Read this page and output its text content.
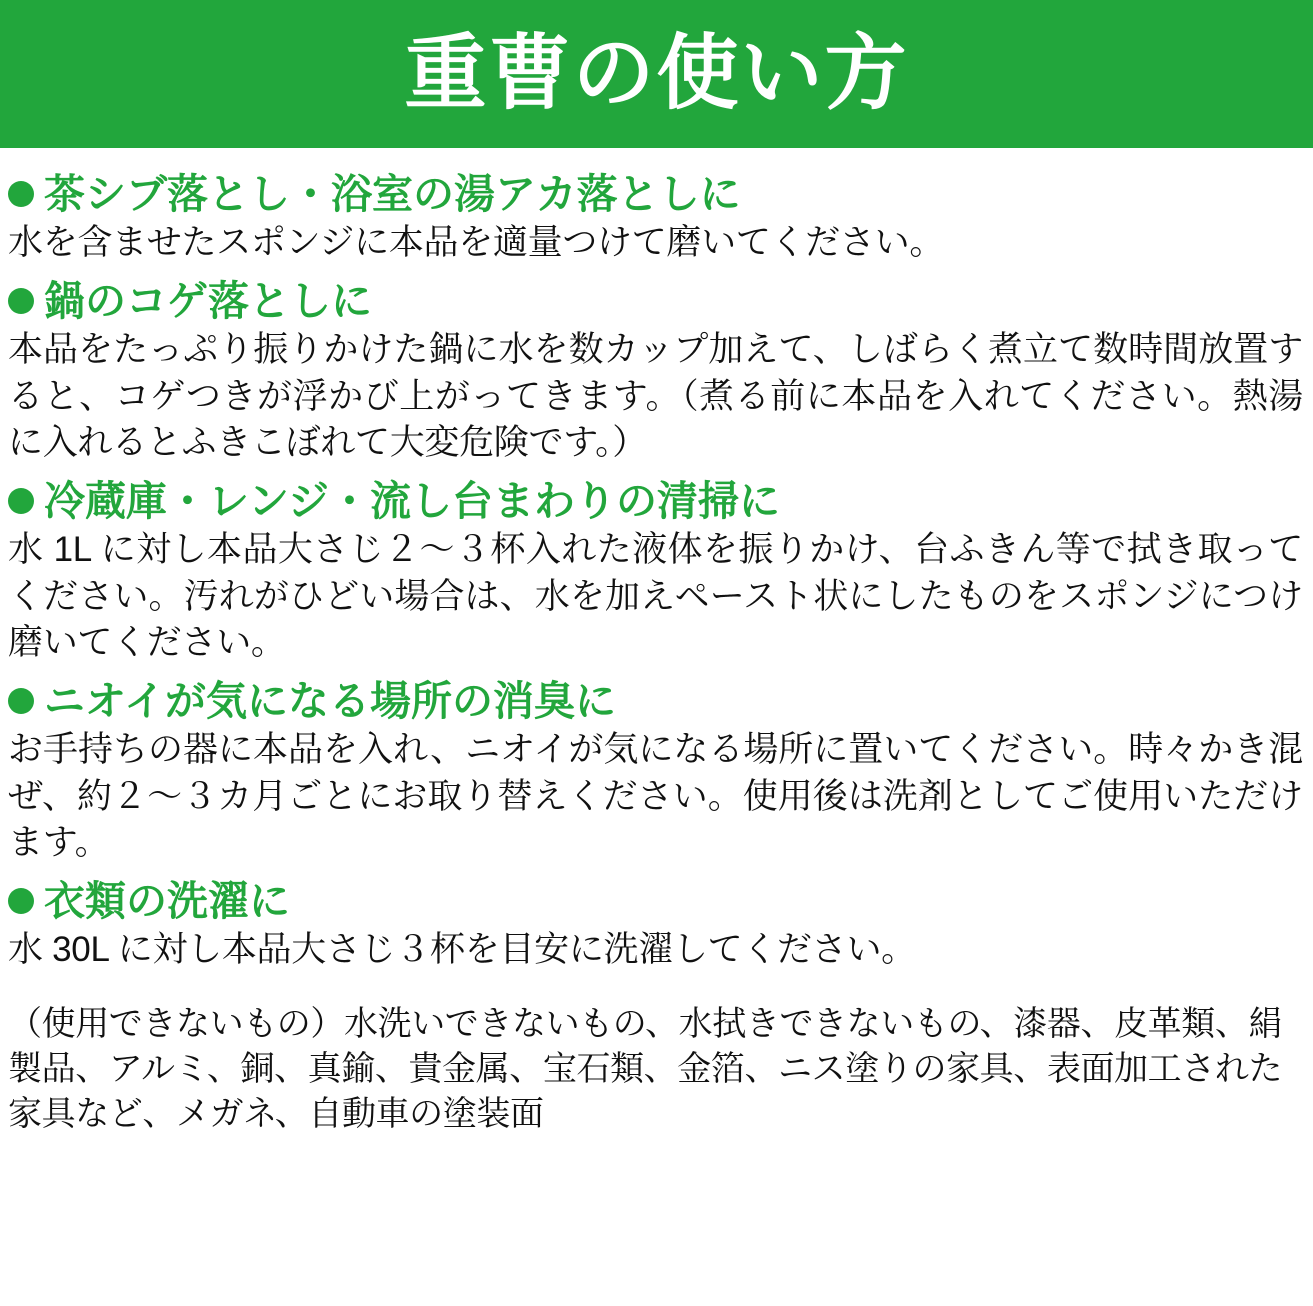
重曹の使い方
茶シブ落とし・浴室の湯アカ落としに

水を含ませたスポンジに本品を適量つけて磨いてください。

鍋のコゲ落としに

本品をたっぷり振りかけた鍋に水を数カップ加えて、しばらく煮立て数時間放置すると、コゲつきが浮かび上がってきます。（煮る前に本品を入れてください。熱湯に入れるとふきこぼれて大変危険です。）

冷蔵庫・レンジ・流し台まわりの清掃に

水 1L に対し本品大さじ２〜３杯入れた液体を振りかけ、台ふきん等で拭き取ってください。汚れがひどい場合は、水を加えペースト状にしたものをスポンジにつけ磨いてください。

ニオイが気になる場所の消臭に

お手持ちの器に本品を入れ、ニオイが気になる場所に置いてください。時々かき混ぜ、約２〜３カ月ごとにお取り替えください。使用後は洗剤としてご使用いただけます。

衣類の洗濯に

水 30L に対し本品大さじ３杯を目安に洗濯してください。

（使用できないもの）水洗いできないもの、水拭きできないもの、漆器、皮革類、絹製品、アルミ、銅、真鍮、貴金属、宝石類、金箔、ニス塗りの家具、表面加工された家具など、メガネ、自動車の塗装面
